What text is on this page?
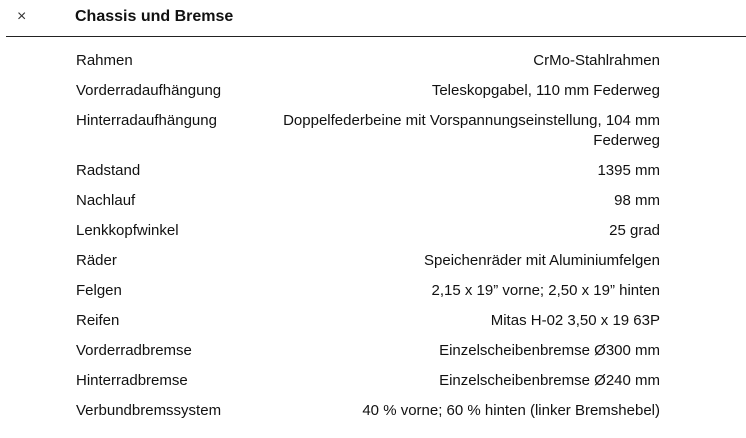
×	Chassis und Bremse
Rahmen	CrMo-Stahlrahmen
Vorderradaufhängung	Teleskopgabel, 110 mm Federweg
Hinterradaufhängung	Doppelfederbeine mit Vorspannungseinstellung, 104 mm Federweg
Radstand	1395 mm
Nachlauf	98 mm
Lenkkopfwinkel	25 grad
Räder	Speichenräder mit Aluminiumfelgen
Felgen	2,15 x 19” vorne; 2,50 x 19” hinten
Reifen	Mitas H-02 3,50 x 19 63P
Vorderradbremse	Einzelscheibenbremse Ø300 mm
Hinterradbremse	Einzelscheibenbremse Ø240 mm
Verbundbremssystem	40 % vorne; 60 % hinten (linker Bremshebel)
